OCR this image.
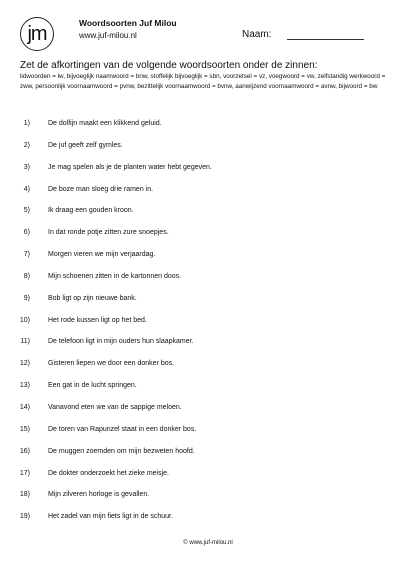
jm	Woordsoorten Juf Milou
www.juf-milou.nl	Naam:
Zet de afkortingen van de volgende woordsoorten onder de zinnen:
lidwoorden = lw, bijvoeglijk naamwoord = bnw, stoffelijk bijvoeglijk = sbn, voorzetsel = vz, voegwoord = vw, zelfstandig werkwoord = zww, persoonlijk voornaamwoord = pvnw, bezittelijk voornaamwoord = bvnw, aanwijzend voornaamwoord = avnw, bijwoord = bw
1)	De dolfijn maakt een klikkend geluid.
2)	De juf geeft zelf gymles.
3)	Je mag spelen als je de planten water hebt gegeven.
4)	De boze man sloeg drie ramen in.
5)	Ik draag een gouden kroon.
6)	In dat ronde potje zitten zure snoepjes.
7)	Morgen vieren we mijn verjaardag.
8)	Mijn schoenen zitten in de kartonnen doos.
9)	Bob ligt op zijn nieuwe bank.
10)	Het rode kussen ligt op het bed.
11)	De telefoon ligt in mijn ouders hun slaapkamer.
12)	Gisteren liepen we door een donker bos.
13)	Een gat in de lucht springen.
14)	Vanavond eten we van de sappige meloen.
15)	De toren van Rapunzel staat in een donker bos.
16)	De muggen zoemden om mijn bezweten hoofd.
17)	De dokter onderzoekt het zieke meisje.
18)	Mijn zilveren horloge is gevallen.
19)	Het zadel van mijn fiets ligt in de schuur.
© www.juf-milou.nl
